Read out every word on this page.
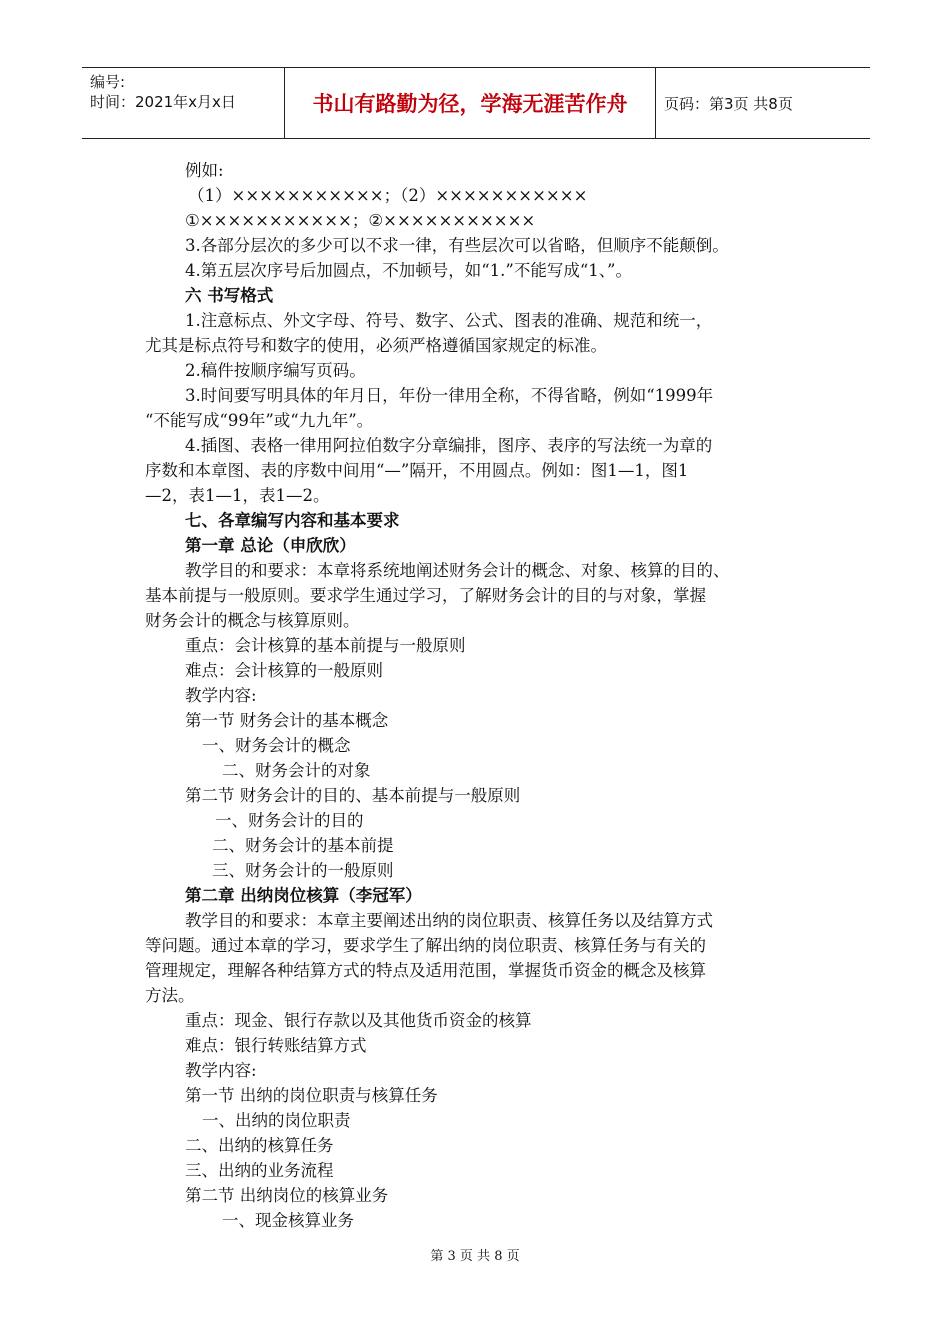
编号:
时间：2021年x月x日	书山有路勤为径，学海无涯苦作舟	页码：第3页 共8页
例如:
（1）×××××××××××；（2）×××××××××××
①×××××××××××；②×××××××××××
3.各部分层次的多少可以不求一律，有些层次可以省略，但顺序不能颠倒。
4.第五层次序号后加圆点，不加顿号，如“1.”不能写成“1、”。
六 书写格式
1.注意标点、外文字母、符号、数字、公式、图表的准确、规范和统一，
尤其是标点符号和数字的使用，必须严格遵循国家规定的标准。
2.稿件按顺序编写页码。
3.时间要写明具体的年月日，年份一律用全称，不得省略，例如“1999年
“不能写成“99年”或“九九年”。
4.插图、表格一律用阿拉伯数字分章编排，图序、表序的写法统一为章的
序数和本章图、表的序数中间用“—”隔开，不用圆点。例如：图1—1，图1
—2，表1—1，表1—2。
七、各章编写内容和基本要求
第一章 总论（申欣欣）
教学目的和要求：本章将系统地阐述财务会计的概念、对象、核算的目的、
基本前提与一般原则。要求学生通过学习，了解财务会计的目的与对象，掌握
财务会计的概念与核算原则。
重点：会计核算的基本前提与一般原则
难点：会计核算的一般原则
教学内容:
第一节 财务会计的基本概念
一、财务会计的概念
二、财务会计的对象
第二节 财务会计的目的、基本前提与一般原则
一、财务会计的目的
二、财务会计的基本前提
三、财务会计的一般原则
第二章 出纳岗位核算（李冠军）
教学目的和要求：本章主要阐述出纳的岗位职责、核算任务以及结算方式
等问题。通过本章的学习，要求学生了解出纳的岗位职责、核算任务与有关的
管理规定，理解各种结算方式的特点及适用范围，掌握货币资金的概念及核算
方法。
重点：现金、银行存款以及其他货币资金的核算
难点：银行转账结算方式
教学内容:
第一节 出纳的岗位职责与核算任务
一、出纳的岗位职责
二、出纳的核算任务
三、出纳的业务流程
第二节 出纳岗位的核算业务
一、现金核算业务
第 3 页 共 8 页
